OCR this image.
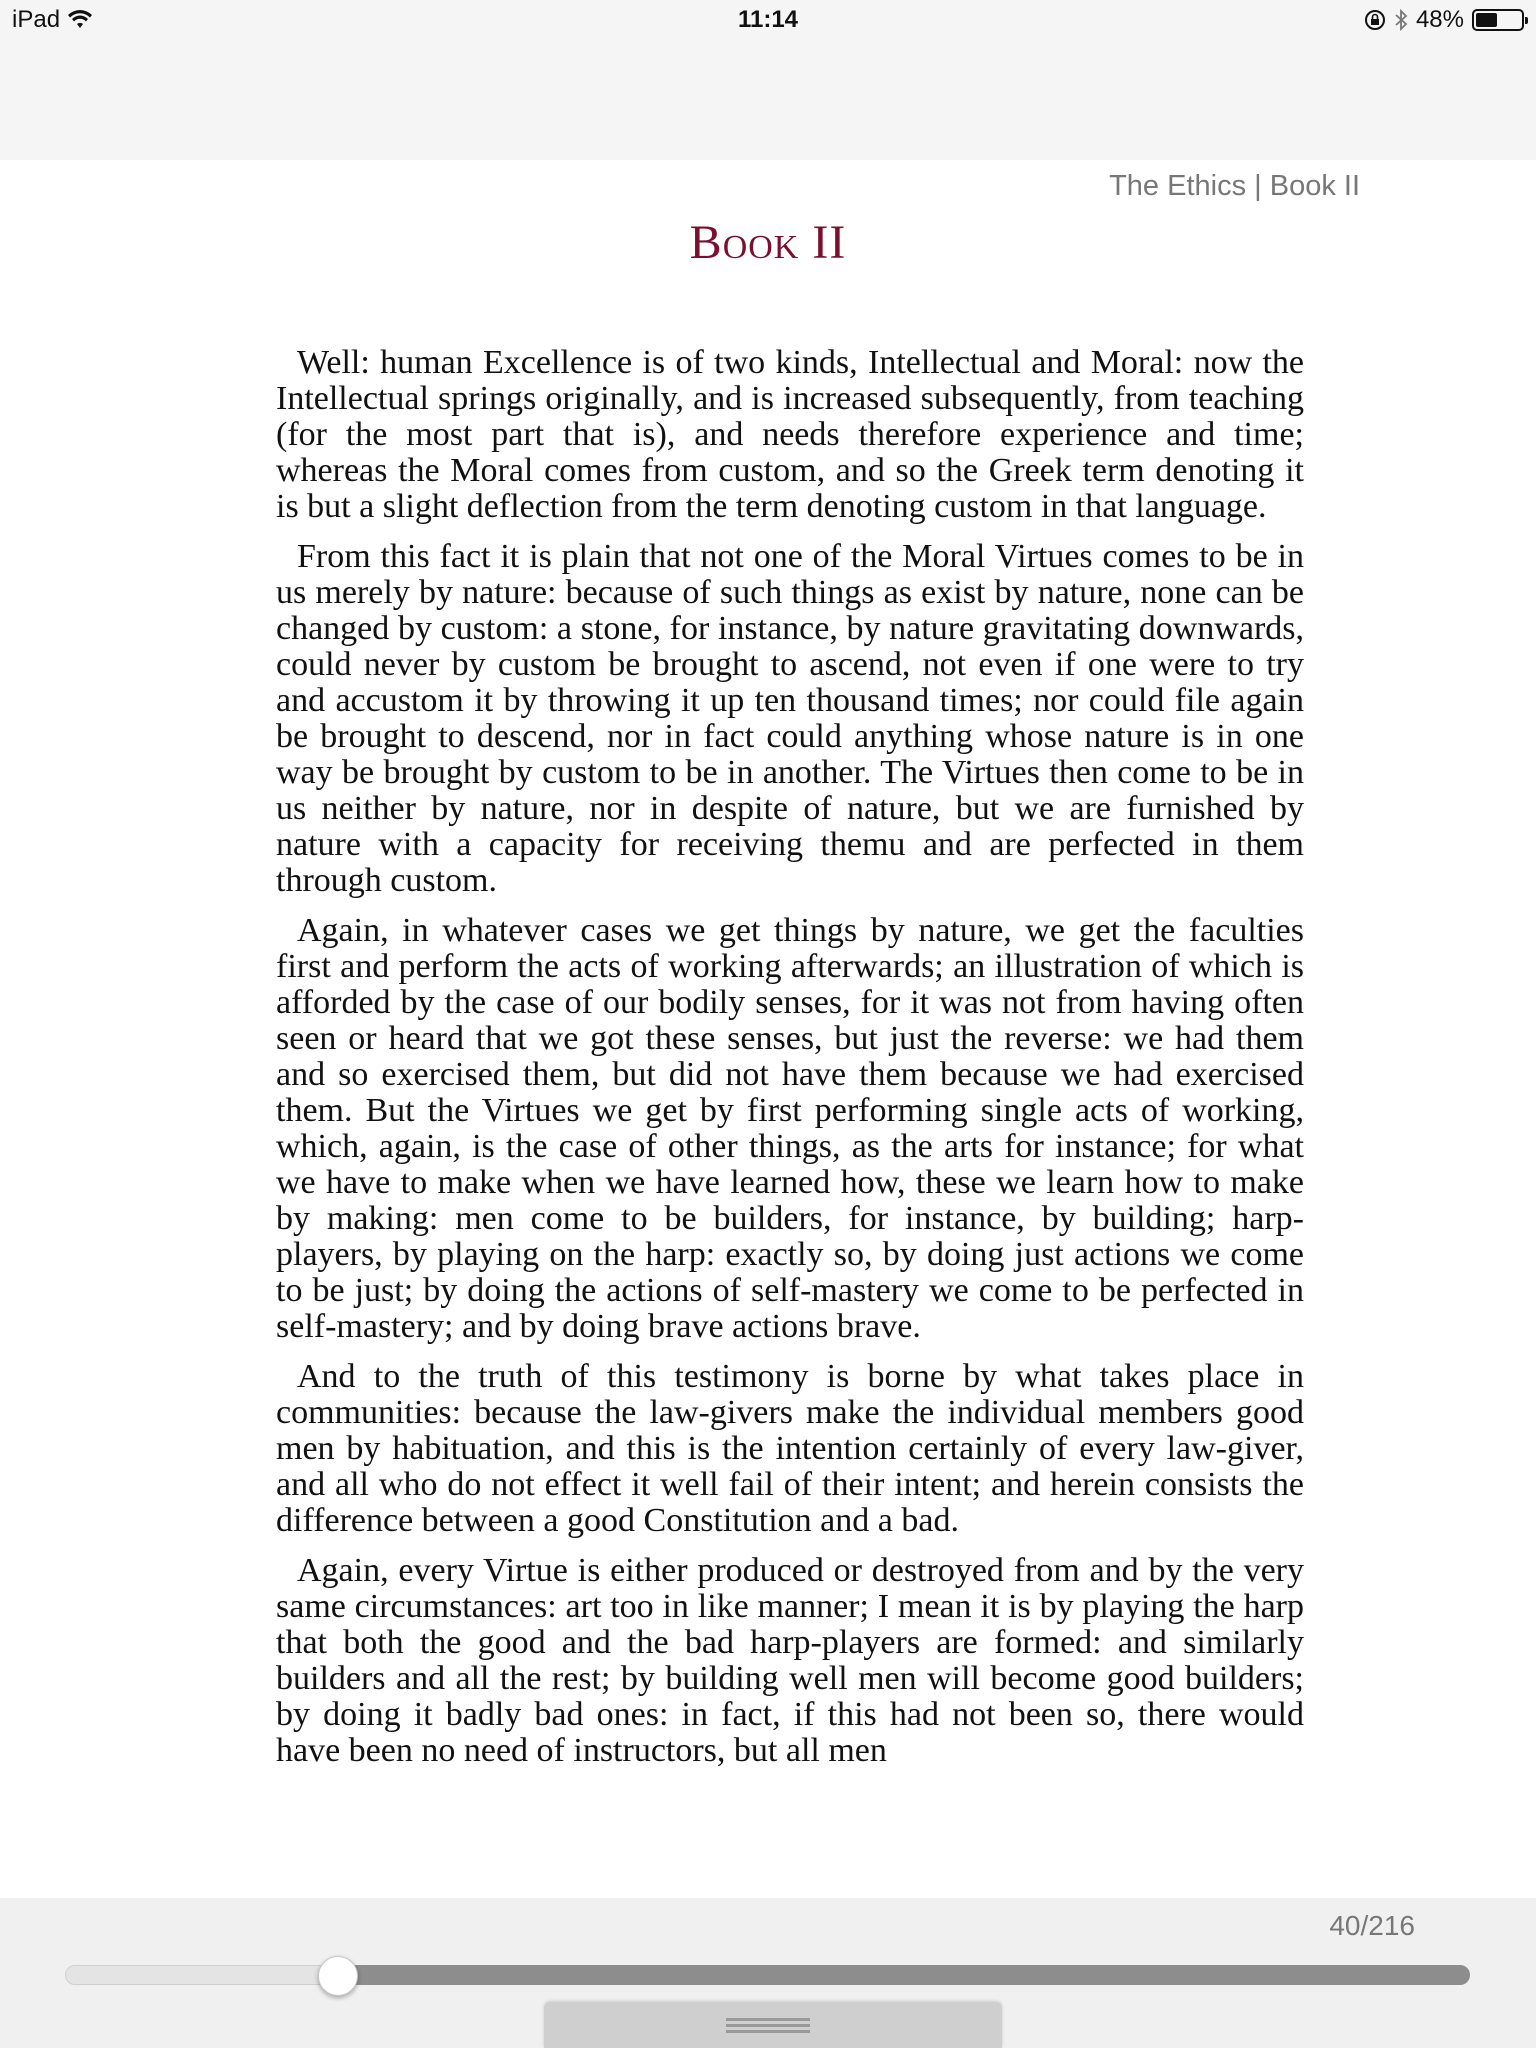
iPad	11:14	48%
The Ethics | Book II
Book II

Well: human Excellence is of two kinds, Intellectual and Moral: now the Intellectual springs originally, and is increased subsequently, from teaching (for the most part that is), and needs therefore experience and time; whereas the Moral comes from custom, and so the Greek term denoting it is but a slight deflection from the term denoting custom in that language.

From this fact it is plain that not one of the Moral Virtues comes to be in us merely by nature: because of such things as exist by nature, none can be changed by custom: a stone, for instance, by nature gravitating downwards, could never by custom be brought to ascend, not even if one were to try and accustom it by throwing it up ten thousand times; nor could file again be brought to descend, nor in fact could anything whose nature is in one way be brought by custom to be in another. The Virtues then come to be in us neither by nature, nor in despite of nature, but we are furnished by nature with a capacity for receiving themu and are perfected in them through custom.

Again, in whatever cases we get things by nature, we get the faculties first and perform the acts of working afterwards; an illustration of which is afforded by the case of our bodily senses, for it was not from having often seen or heard that we got these senses, but just the reverse: we had them and so exercised them, but did not have them because we had exercised them. But the Virtues we get by first performing single acts of working, which, again, is the case of other things, as the arts for instance; for what we have to make when we have learned how, these we learn how to make by making: men come to be builders, for instance, by building; harp-players, by playing on the harp: exactly so, by doing just actions we come to be just; by doing the actions of self-mastery we come to be perfected in self-mastery; and by doing brave actions brave.

And to the truth of this testimony is borne by what takes place in communities: because the law-givers make the individual members good men by habituation, and this is the intention certainly of every law-giver, and all who do not effect it well fail of their intent; and herein consists the difference between a good Constitution and a bad.

Again, every Virtue is either produced or destroyed from and by the very same circumstances: art too in like manner; I mean it is by playing the harp that both the good and the bad harp-players are formed: and similarly builders and all the rest; by building well men will become good builders; by doing it badly bad ones: in fact, if this had not been so, there would have been no need of instructors, but all men

40/216
